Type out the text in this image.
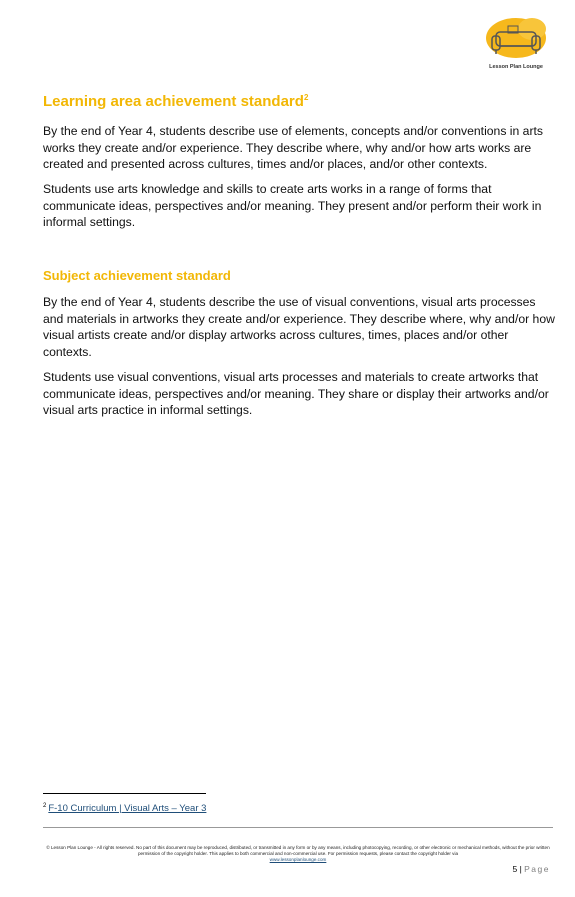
Lesson Plan Lounge
Learning area achievement standard$^2$

By the end of Year 4, students describe use of elements, concepts and/or conventions in arts works they create and/or experience. They describe where, why and/or how arts works are created and presented across cultures, times and/or places, and/or other contexts.

Students use arts knowledge and skills to create arts works in a range of forms that communicate ideas, perspectives and/or meaning. They present and/or perform their work in informal settings.

Subject achievement standard

By the end of Year 4, students describe the use of visual conventions, visual arts processes and materials in artworks they create and/or experience. They describe where, why and/or how visual artists create and/or display artworks across cultures, times, places and/or other contexts.

Students use visual conventions, visual arts processes and materials to create artworks that communicate ideas, perspectives and/or meaning. They share or display their artworks and/or visual arts practice in informal settings.

$^2$ F-10 Curriculum | Visual Arts – Year 3
© Lesson Plan Lounge - All rights reserved. No part of this document may be reproduced, distributed, or transmitted in any form or by any means, including photocopying, recording, or other electronic or mechanical methods, without the prior written permission of the copyright holder. This applies to both commercial and non-commercial use. For permission requests, please contact the copyright holder via
www.lessonplanlounge.com
5 | Page
